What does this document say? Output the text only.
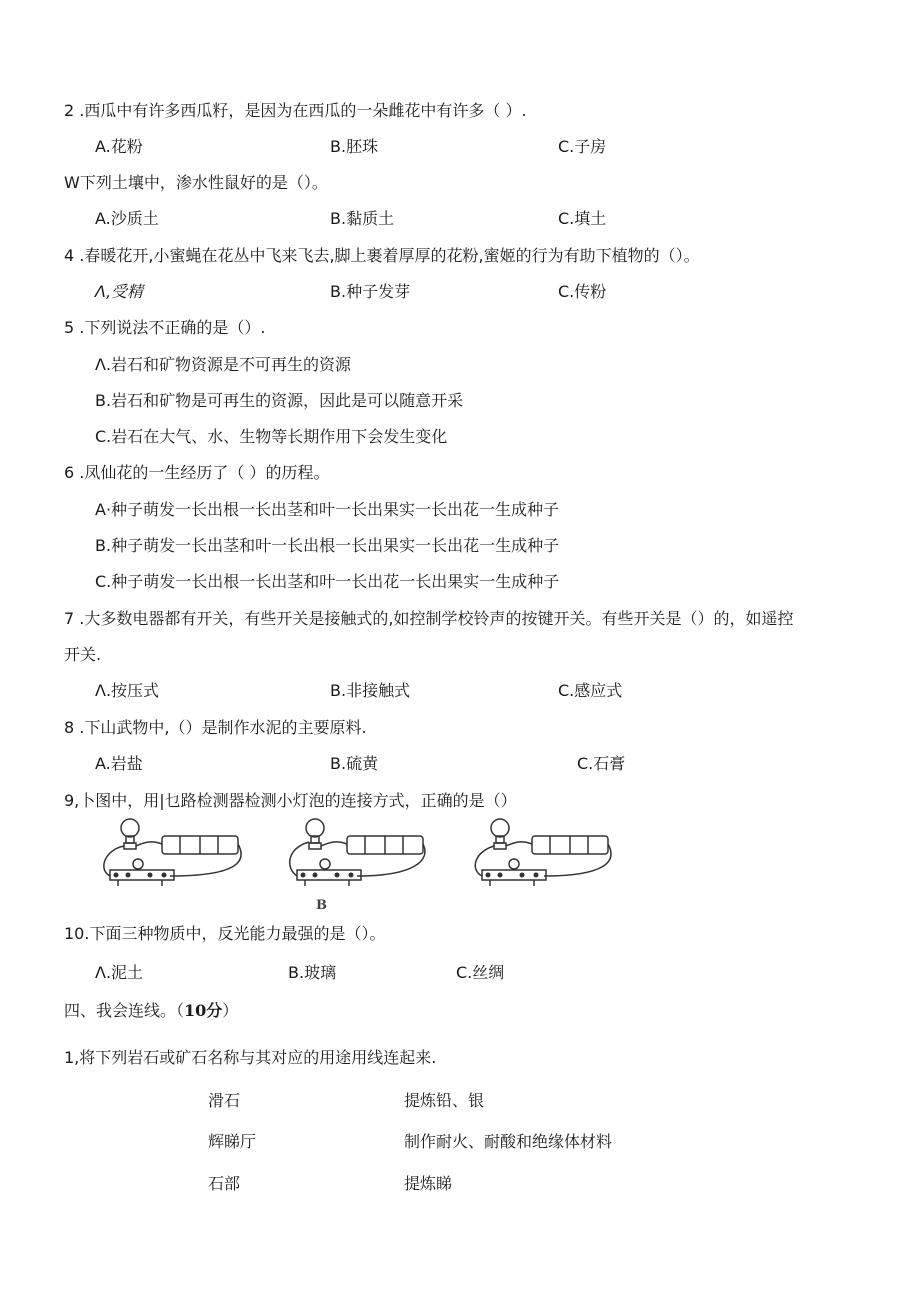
2 .西瓜中有许多西瓜籽，是因为在西瓜的一朵雌花中有许多（ ）.
A.花粉	B.胚珠	C.子房
W下列土壤中，渗水性鼠好的是（）。
A.沙质土	B.黏质土	C.填土
4 .春暖花开,小蜜蝇在花丛中飞来飞去,脚上裹着厚厚的花粉,蜜姬的行为有助下植物的（）。
Λ,受精	B.种子发芽	C.传粉
5 .下列说法不正确的是（）.
Λ.岩石和矿物资源是不可再生的资源
B.岩石和矿物是可再生的资源，因此是可以随意开采
C.岩石在大气、水、生物等长期作用下会发生变化
6 .凤仙花的一生经历了（ ）的历程。
A·种子萌发一长出根一长出茎和叶一长出果实一长出花一生成种子
B.种子萌发一长出茎和叶一长出根一长出果实一长出花一生成种子
C.种子萌发一长出根一长出茎和叶一长出花一长出果实一生成种子
7 .大多数电器都有开关，有些开关是接触式的,如控制学校铃声的按键开关。有些开关是（）的，如遥控
开关.
Λ.按压式	B.非接触式	C.感应式
8 .下山武物中,（）是制作水泥的主要原料.
A.岩盐	B.硫黄	C.石膏
9,卜图中，用|乜路检测器检测小灯泡的连接方式，正确的是（）
B
10.下面三种物质中，反光能力最强的是（）。
Λ.泥土	B.玻璃	C.丝绸
四、我会连线。（10分）
1,将下列岩石或矿石名称与其对应的用途用线连起来.
滑石	提炼铅、银
辉睇厅	制作耐火、耐酸和绝缘体材料
石部	提炼睇
